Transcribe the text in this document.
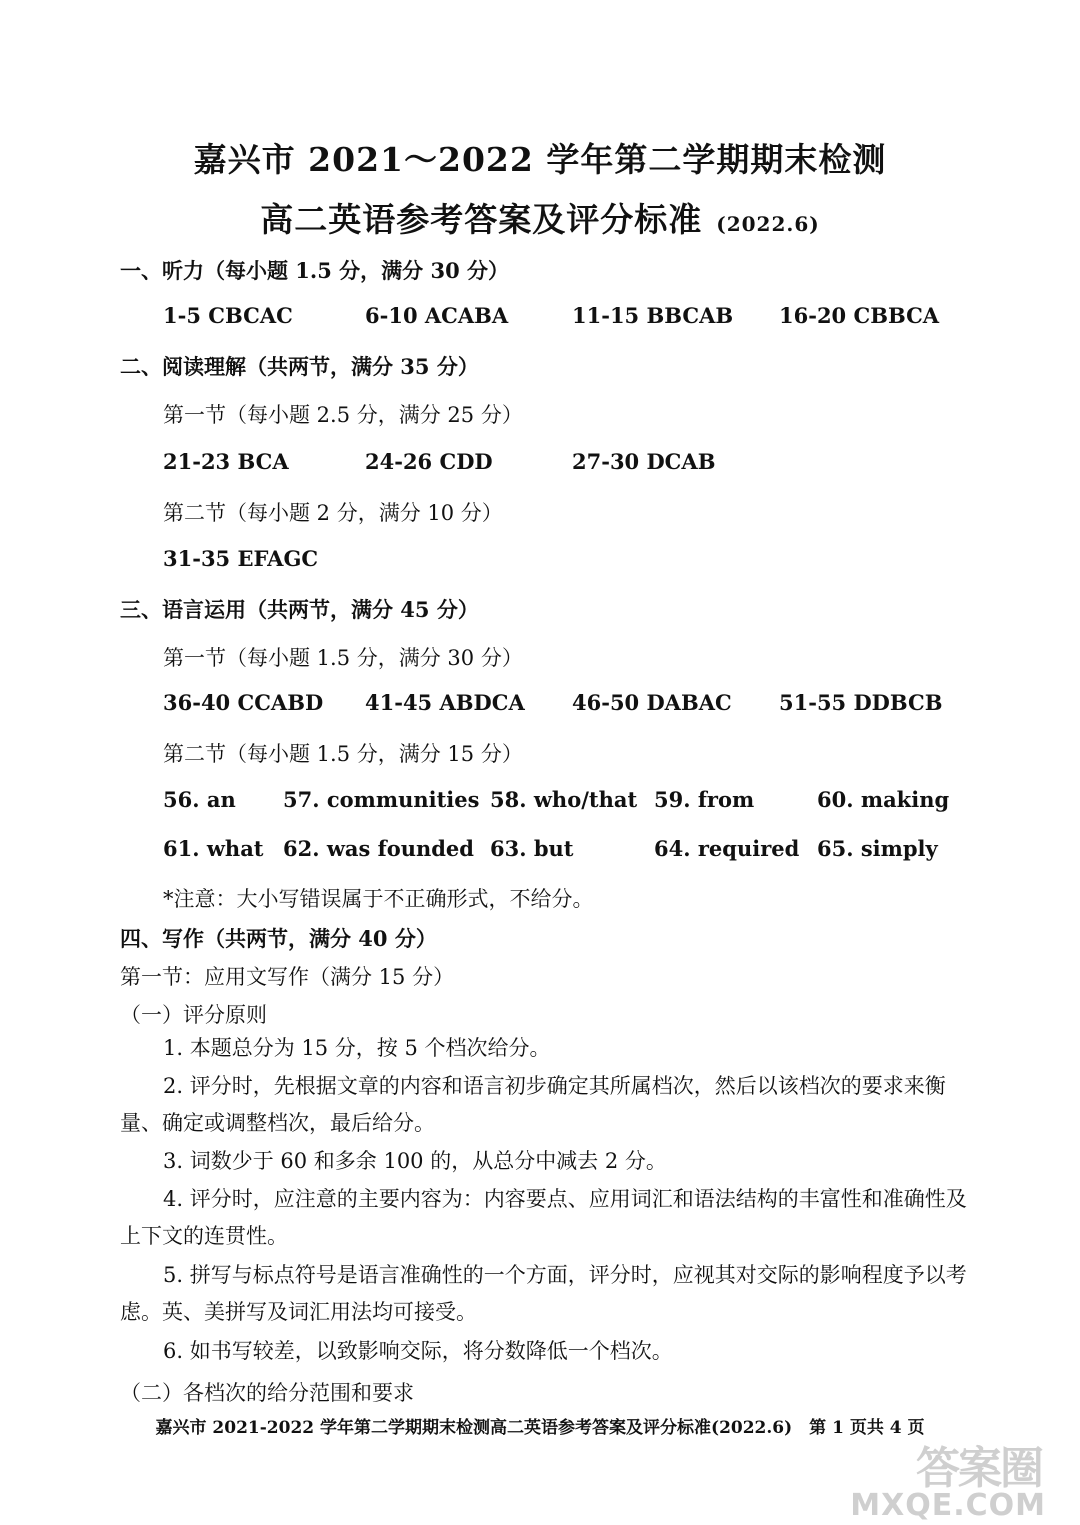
嘉兴市 2021～2022 学年第二学期期末检测
高二英语参考答案及评分标准 (2022.6)
一、听力（每小题 1.5 分，满分 30 分）
1-5 CBCAC	6-10 ACABA	11-15 BBCAB 16-20 CBBCA
二、阅读理解（共两节，满分 35 分）
第一节（每小题 2.5 分，满分 25 分）
21-23 BCA	24-26 CDD	27-30 DCAB
第二节（每小题 2 分，满分 10 分）
31-35 EFAGC
三、语言运用（共两节，满分 45 分）
第一节（每小题 1.5 分，满分 30 分）
36-40 CCABD 41-45 ABDCA 46-50 DABAC 51-55 DDBCB
第二节（每小题 1.5 分，满分 15 分）
56. an 57. communities 58. who/that 59. from	60. making
61. what 62. was founded 63. but	64. required 65. simply
*注意：大小写错误属于不正确形式，不给分。
四、写作（共两节，满分 40 分）
第一节：应用文写作（满分 15 分）
（一）评分原则
1. 本题总分为 15 分，按 5 个档次给分。
2. 评分时，先根据文章的内容和语言初步确定其所属档次，然后以该档次的要求来衡量、确定或调整档次，最后给分。
3. 词数少于 60 和多余 100 的，从总分中减去 2 分。
4. 评分时，应注意的主要内容为：内容要点、应用词汇和语法结构的丰富性和准确性及上下文的连贯性。
5. 拼写与标点符号是语言准确性的一个方面，评分时，应视其对交际的影响程度予以考虑。英、美拼写及词汇用法均可接受。
6. 如书写较差，以致影响交际，将分数降低一个档次。
（二）各档次的给分范围和要求
嘉兴市 2021-2022 学年第二学期期末检测高二英语参考答案及评分标准(2022.6)　第 1 页共 4 页
答案圈
MXQE.COM
